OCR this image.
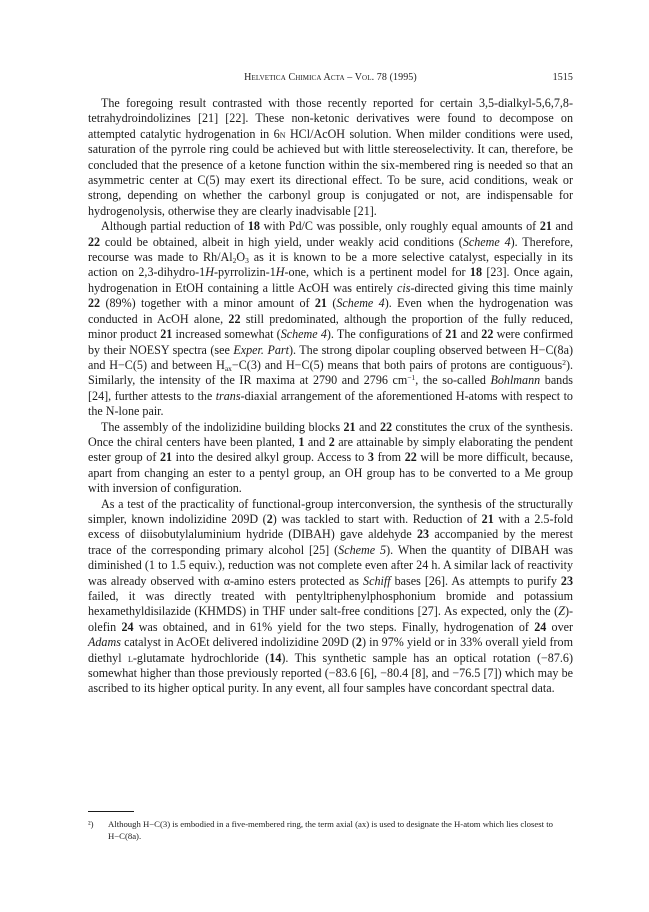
Helvetica Chimica Acta – Vol. 78 (1995)	1515

The foregoing result contrasted with those recently reported for certain 3,5-dialkyl-5,6,7,8-tetrahydroindolizines [21] [22]. These non-ketonic derivatives were found to decompose on attempted catalytic hydrogenation in 6n HCl/AcOH solution. When milder conditions were used, saturation of the pyrrole ring could be achieved but with little stereoselectivity. It can, therefore, be concluded that the presence of a ketone function within the six-membered ring is needed so that an asymmetric center at C(5) may exert its directional effect. To be sure, acid conditions, weak or strong, depending on whether the carbonyl group is conjugated or not, are indispensable for hydrogenolysis, otherwise they are clearly inadvisable [21].

Although partial reduction of 18 with Pd/C was possible, only roughly equal amounts of 21 and 22 could be obtained, albeit in high yield, under weakly acid conditions (Scheme 4). Therefore, recourse was made to $Rh/Al_2O_3$ as it is known to be a more selective catalyst, especially in its action on 2,3-dihydro-1H-pyrrolizin-1H-one, which is a pertinent model for 18 [23]. Once again, hydrogenation in EtOH containing a little AcOH was entirely cis-directed giving this time mainly 22 (89%) together with a minor amount of 21 (Scheme 4). Even when the hydrogenation was conducted in AcOH alone, 22 still predominated, although the proportion of the fully reduced, minor product 21 increased somewhat (Scheme 4). The configurations of 21 and 22 were confirmed by their NOESY spectra (see Exper. Part). The strong dipolar coupling observed between H−C(8a) and H−C(5) and between $H_{ax}-C(3)$ and H−C(5) means that both pairs of protons are contiguous$^2$). Similarly, the intensity of the IR maxima at 2790 and 2796 $cm^{-1}$, the so-called Bohlmann bands [24], further attests to the trans-diaxial arrangement of the aforementioned H-atoms with respect to the N-lone pair.

The assembly of the indolizidine building blocks 21 and 22 constitutes the crux of the synthesis. Once the chiral centers have been planted, 1 and 2 are attainable by simply elaborating the pendent ester group of 21 into the desired alkyl group. Access to 3 from 22 will be more difficult, because, apart from changing an ester to a pentyl group, an OH group has to be converted to a Me group with inversion of configuration.

As a test of the practicality of functional-group interconversion, the synthesis of the structurally simpler, known indolizidine 209D (2) was tackled to start with. Reduction of 21 with a 2.5-fold excess of diisobutylaluminium hydride (DIBAH) gave aldehyde 23 accompanied by the merest trace of the corresponding primary alcohol [25] (Scheme 5). When the quantity of DIBAH was diminished (1 to 1.5 equiv.), reduction was not complete even after 24 h. A similar lack of reactivity was already observed with α-amino esters protected as Schiff bases [26]. As attempts to purify 23 failed, it was directly treated with pentyltriphenylphosphonium bromide and potassium hexamethyldisilazide (KHMDS) in THF under salt-free conditions [27]. As expected, only the (Z)-olefin 24 was obtained, and in 61% yield for the two steps. Finally, hydrogenation of 24 over Adams catalyst in AcOEt delivered indolizidine 209D (2) in 97% yield or in 33% overall yield from diethyl l-glutamate hydrochloride (14). This synthetic sample has an optical rotation (−87.6) somewhat higher than those previously reported (−83.6 [6], −80.4 [8], and −76.5 [7]) which may be ascribed to its higher optical purity. In any event, all four samples have concordant spectral data.

²) Although H−C(3) is embodied in a five-membered ring, the term axial (ax) is used to designate the H-atom which lies closest to H−C(8a).
